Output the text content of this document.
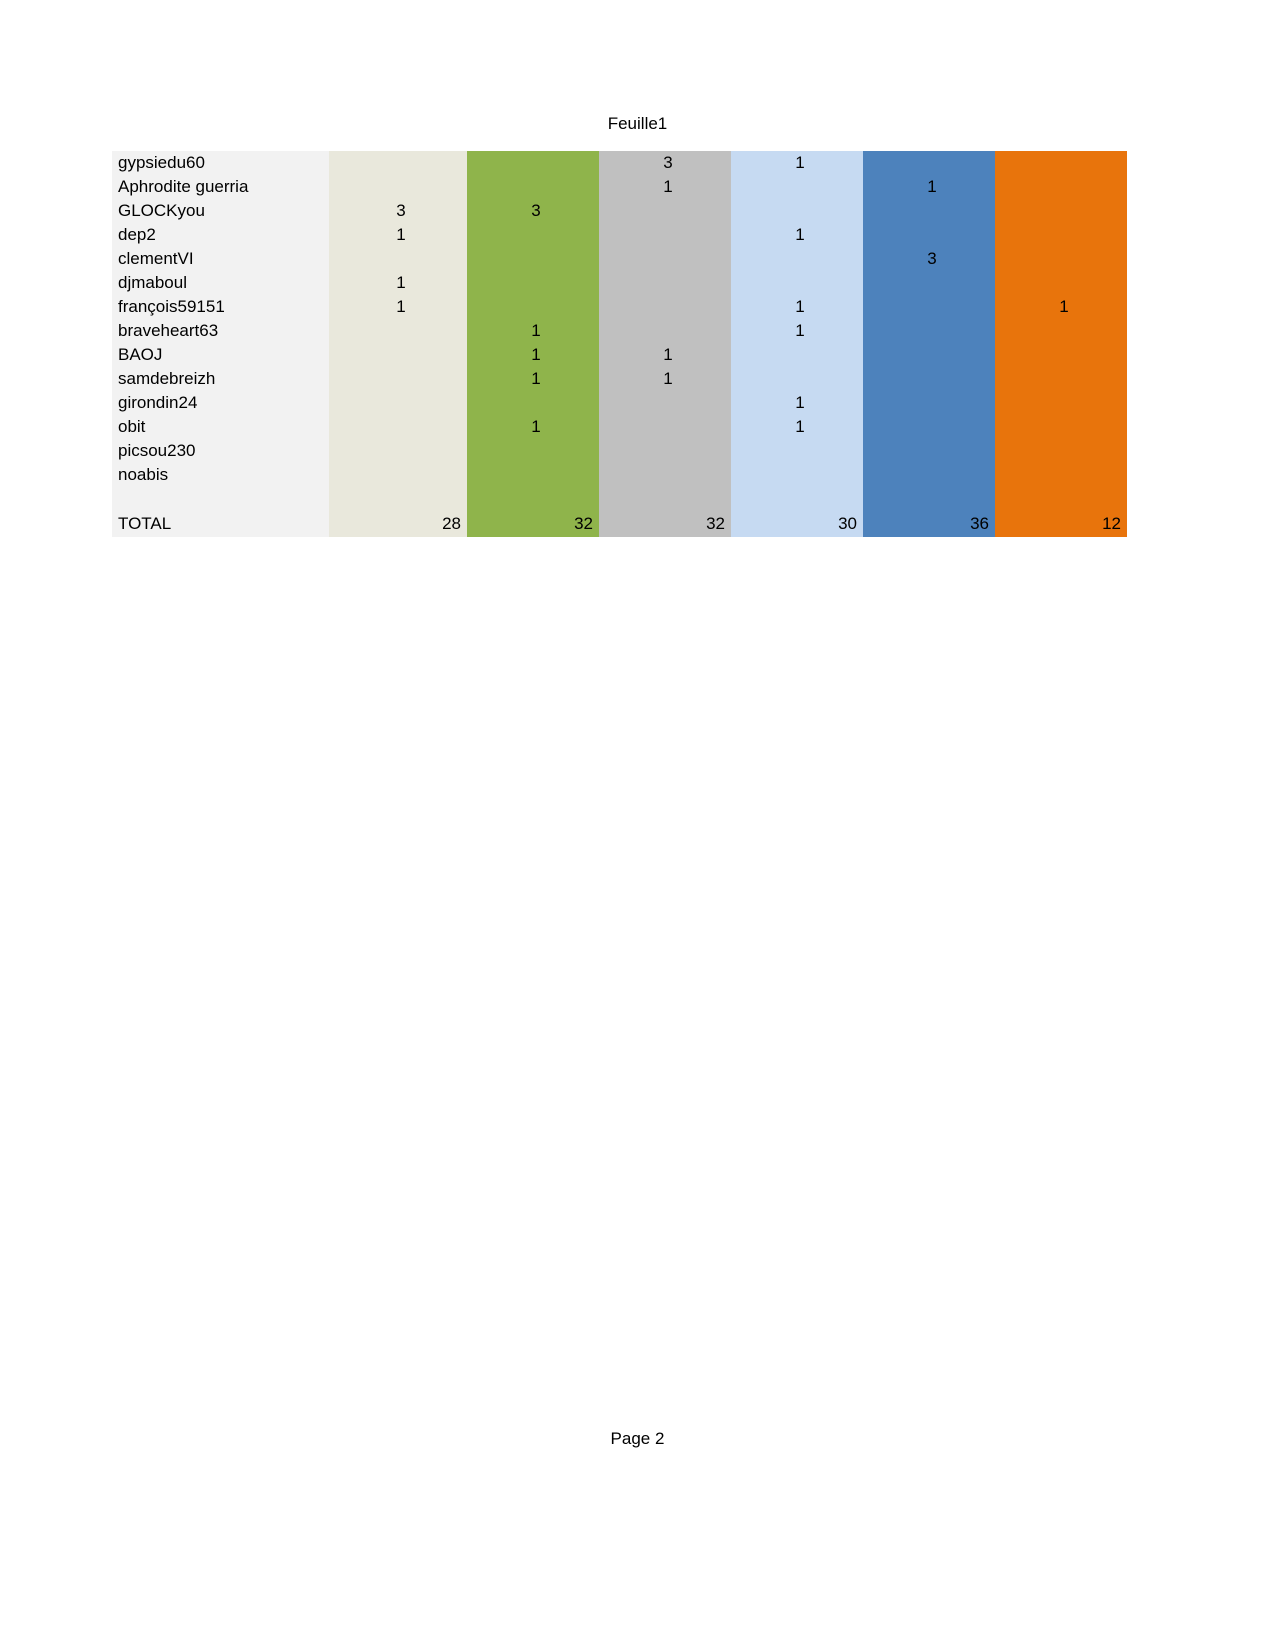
Feuille1
gypsiedu60			3	1		
Aphrodite guerria			1		1	
GLOCKyou	3	3				
dep2	1			1		
clementVI					3	
djmaboul	1					
françois59151	1			1		1
braveheart63		1		1		
BAOJ		1	1			
samdebreizh		1	1			
girondin24				1		
obit		1		1		
picsou230						
noabis						

TOTAL	28	32	32	30	36	12
Page 2
